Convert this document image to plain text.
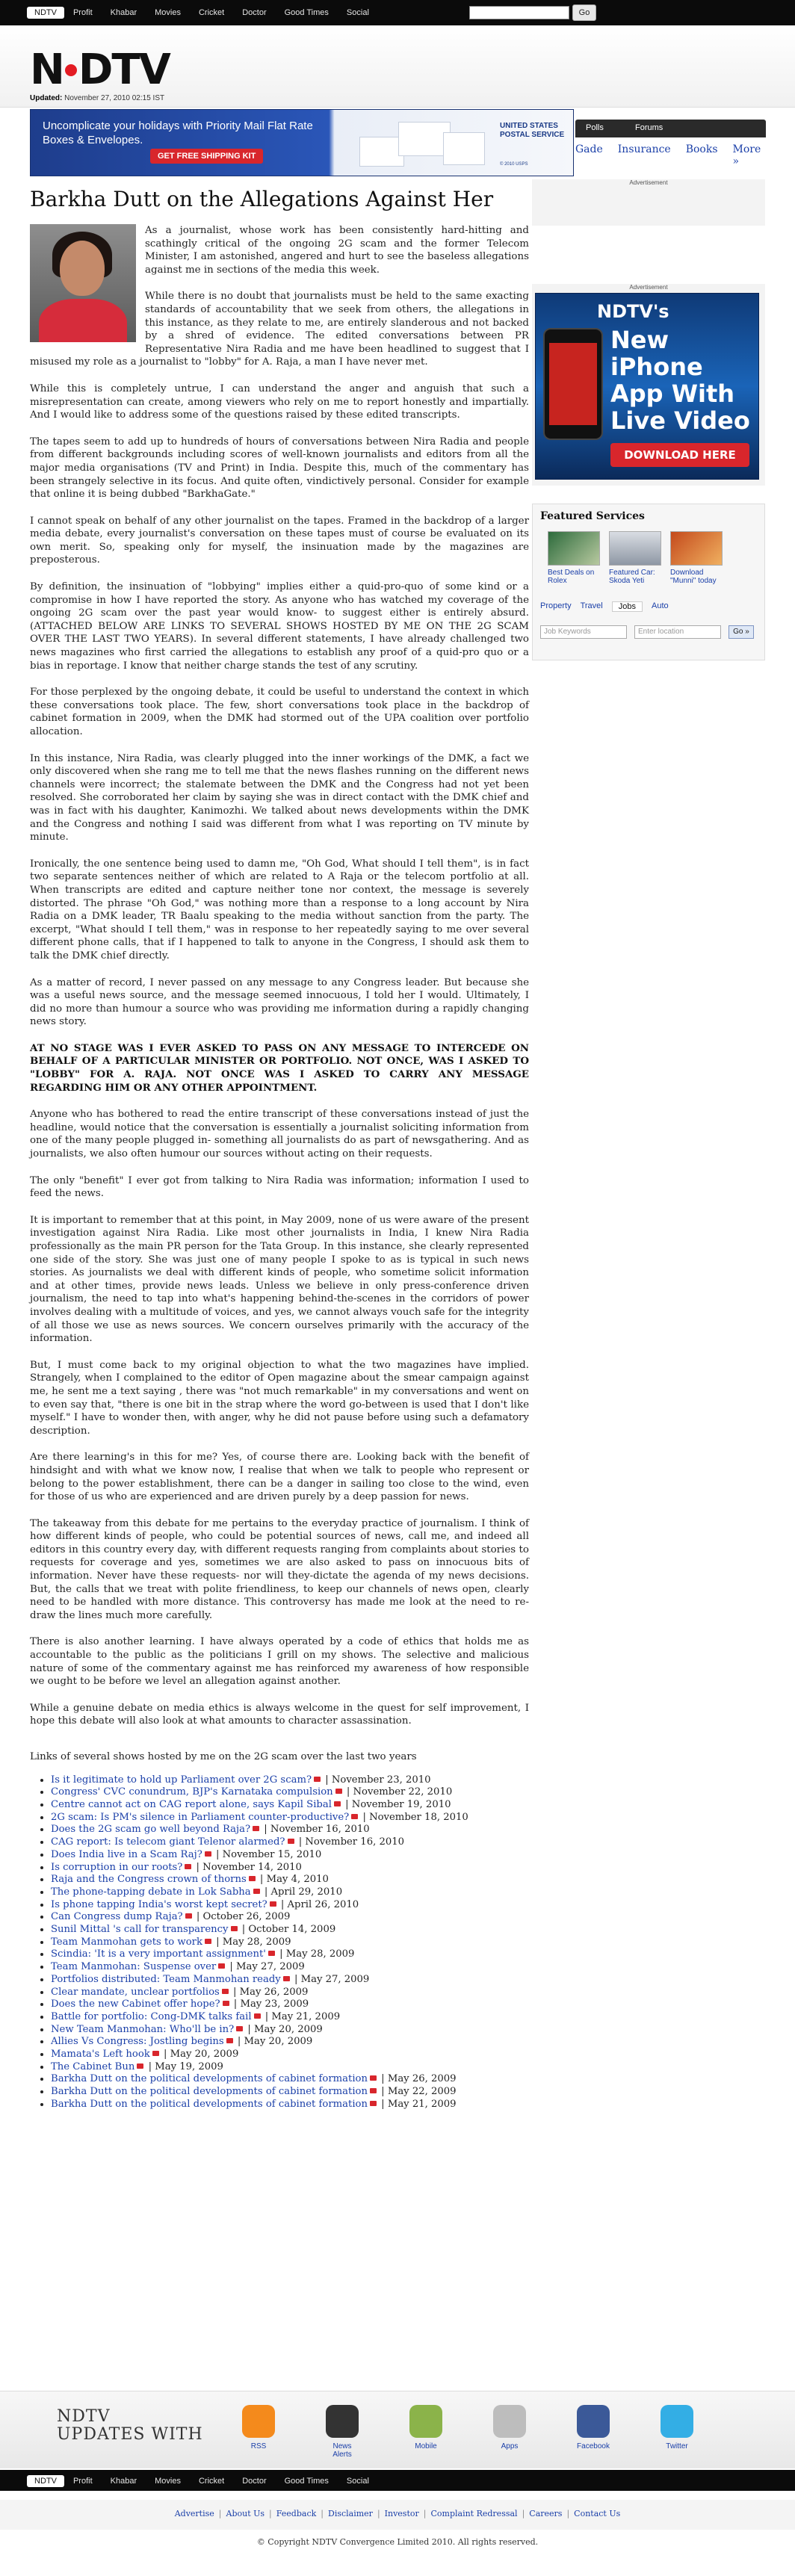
NDTV	Profit	Khabar	Movies	Cricket	Doctor	Good Times	Social	Go
N DTV
Updated: November 27, 2010 02:15 IST
Uncomplicate your holidays with Priority Mail Flat Rate
Boxes & Envelopes.
GET FREE SHIPPING KIT
UNITED STATES POSTAL SERVICE
© 2010 USPS
Polls	Forums
Gade Insurance Books More »
Barkha Dutt on the Allegations Against Her

As a journalist, whose work has been consistently hard-hitting and scathingly critical of the ongoing 2G scam and the former Telecom Minister, I am astonished, angered and hurt to see the baseless allegations against me in sections of the media this week.

While there is no doubt that journalists must be held to the same exacting standards of accountability that we seek from others, the allegations in this instance, as they relate to me, are entirely slanderous and not backed by a shred of evidence. The edited conversations between PR Representative Nira Radia and me have been headlined to suggest that I misused my role as a journalist to "lobby" for A. Raja, a man I have never met.

While this is completely untrue, I can understand the anger and anguish that such a misrepresentation can create, among viewers who rely on me to report honestly and impartially. And I would like to address some of the questions raised by these edited transcripts.

The tapes seem to add up to hundreds of hours of conversations between Nira Radia and people from different backgrounds including scores of well-known journalists and editors from all the major media organisations (TV and Print) in India. Despite this, much of the commentary has been strangely selective in its focus. And quite often, vindictively personal. Consider for example that online it is being dubbed "BarkhaGate."

I cannot speak on behalf of any other journalist on the tapes. Framed in the backdrop of a larger media debate, every journalist's conversation on these tapes must of course be evaluated on its own merit. So, speaking only for myself, the insinuation made by the magazines are preposterous.

By definition, the insinuation of "lobbying" implies either a quid-pro-quo of some kind or a compromise in how I have reported the story. As anyone who has watched my coverage of the ongoing 2G scam over the past year would know- to suggest either is entirely absurd. (ATTACHED BELOW ARE LINKS TO SEVERAL SHOWS HOSTED BY ME ON THE 2G SCAM OVER THE LAST TWO YEARS). In several different statements, I have already challenged two news magazines who first carried the allegations to establish any proof of a quid-pro quo or a bias in reportage. I know that neither charge stands the test of any scrutiny.

For those perplexed by the ongoing debate, it could be useful to understand the context in which these conversations took place. The few, short conversations took place in the backdrop of cabinet formation in 2009, when the DMK had stormed out of the UPA coalition over portfolio allocation.

In this instance, Nira Radia, was clearly plugged into the inner workings of the DMK, a fact we only discovered when she rang me to tell me that the news flashes running on the different news channels were incorrect; the stalemate between the DMK and the Congress had not yet been resolved. She corroborated her claim by saying she was in direct contact with the DMK chief and was in fact with his daughter, Kanimozhi. We talked about news developments within the DMK and the Congress and nothing I said was different from what I was reporting on TV minute by minute.

Ironically, the one sentence being used to damn me, "Oh God, What should I tell them", is in fact two separate sentences neither of which are related to A Raja or the telecom portfolio at all. When transcripts are edited and capture neither tone nor context, the message is severely distorted. The phrase "Oh God," was nothing more than a response to a long account by Nira Radia on a DMK leader, TR Baalu speaking to the media without sanction from the party. The excerpt, "What should I tell them," was in response to her repeatedly saying to me over several different phone calls, that if I happened to talk to anyone in the Congress, I should ask them to talk the DMK chief directly.

As a matter of record, I never passed on any message to any Congress leader. But because she was a useful news source, and the message seemed innocuous, I told her I would. Ultimately, I did no more than humour a source who was providing me information during a rapidly changing news story.

AT NO STAGE WAS I EVER ASKED TO PASS ON ANY MESSAGE TO INTERCEDE ON BEHALF OF A PARTICULAR MINISTER OR PORTFOLIO. NOT ONCE, WAS I ASKED TO "LOBBY" FOR A. RAJA. NOT ONCE WAS I ASKED TO CARRY ANY MESSAGE REGARDING HIM OR ANY OTHER APPOINTMENT.

Anyone who has bothered to read the entire transcript of these conversations instead of just the headline, would notice that the conversation is essentially a journalist soliciting information from one of the many people plugged in- something all journalists do as part of newsgathering. And as journalists, we also often humour our sources without acting on their requests.

The only "benefit" I ever got from talking to Nira Radia was information; information I used to feed the news.

It is important to remember that at this point, in May 2009, none of us were aware of the present investigation against Nira Radia. Like most other journalists in India, I knew Nira Radia professionally as the main PR person for the Tata Group. In this instance, she clearly represented one side of the story. She was just one of many people I spoke to as is typical in such news stories. As journalists we deal with different kinds of people, who sometime solicit information and at other times, provide news leads. Unless we believe in only press-conference driven journalism, the need to tap into what's happening behind-the-scenes in the corridors of power involves dealing with a multitude of voices, and yes, we cannot always vouch safe for the integrity of all those we use as news sources. We concern ourselves primarily with the accuracy of the information.

But, I must come back to my original objection to what the two magazines have implied. Strangely, when I complained to the editor of Open magazine about the smear campaign against me, he sent me a text saying , there was "not much remarkable" in my conversations and went on to even say that, "there is one bit in the strap where the word go-between is used that I don't like myself." I have to wonder then, with anger, why he did not pause before using such a defamatory description.

Are there learning's in this for me? Yes, of course there are. Looking back with the benefit of hindsight and with what we know now, I realise that when we talk to people who represent or belong to the power establishment, there can be a danger in sailing too close to the wind, even for those of us who are experienced and are driven purely by a deep passion for news.

The takeaway from this debate for me pertains to the everyday practice of journalism. I think of how different kinds of people, who could be potential sources of news, call me, and indeed all editors in this country every day, with different requests ranging from complaints about stories to requests for coverage and yes, sometimes we are also asked to pass on innocuous bits of information. Never have these requests- nor will they-dictate the agenda of my news decisions. But, the calls that we treat with polite friendliness, to keep our channels of news open, clearly need to be handled with more distance. This controversy has made me look at the need to re-draw the lines much more carefully.

There is also another learning. I have always operated by a code of ethics that holds me as accountable to the public as the politicians I grill on my shows. The selective and malicious nature of some of the commentary against me has reinforced my awareness of how responsible we ought to be before we level an allegation against another.

While a genuine debate on media ethics is always welcome in the quest for self improvement, I hope this debate will also look at what amounts to character assassination.

Links of several shows hosted by me on the 2G scam over the last two years

• Is it legitimate to hold up Parliament over 2G scam? | November 23, 2010
• Congress' CVC conundrum, BJP's Karnataka compulsion | November 22, 2010
• Centre cannot act on CAG report alone, says Kapil Sibal | November 19, 2010
• 2G scam: Is PM's silence in Parliament counter-productive? | November 18, 2010
• Does the 2G scam go well beyond Raja? | November 16, 2010
• CAG report: Is telecom giant Telenor alarmed? | November 16, 2010
• Does India live in a Scam Raj? | November 15, 2010
• Is corruption in our roots? | November 14, 2010
• Raja and the Congress crown of thorns | May 4, 2010
• The phone-tapping debate in Lok Sabha | April 29, 2010
• Is phone tapping India's worst kept secret? | April 26, 2010
• Can Congress dump Raja? | October 26, 2009
• Sunil Mittal 's call for transparency | October 14, 2009
• Team Manmohan gets to work | May 28, 2009
• Scindia: 'It is a very important assignment' | May 28, 2009
• Team Manmohan: Suspense over | May 27, 2009
• Portfolios distributed: Team Manmohan ready | May 27, 2009
• Clear mandate, unclear portfolios | May 26, 2009
• Does the new Cabinet offer hope? | May 23, 2009
• Battle for portfolio: Cong-DMK talks fail | May 21, 2009
• New Team Manmohan: Who'll be in? | May 20, 2009
• Allies Vs Congress: Jostling begins | May 20, 2009
• Mamata's Left hook | May 20, 2009
• The Cabinet Bun | May 19, 2009
• Barkha Dutt on the political developments of cabinet formation | May 26, 2009
• Barkha Dutt on the political developments of cabinet formation | May 22, 2009
• Barkha Dutt on the political developments of cabinet formation | May 21, 2009
Advertisement
Advertisement
NDTV's
New iPhone App With Live Video
DOWNLOAD HERE
Featured Services
Best Deals on Rolex
Featured Car: Skoda Yeti
Download "Munni" today
Property Travel	Jobs	Auto
Job Keywords	Enter location	Go »
NDTV
UPDATES WITH
RSS	News Alerts
Mobile	Apps	Facebook	Twitter
NDTV	Profit	Khabar	Movies	Cricket	Doctor	Good Times	Social
Advertise | About Us | Feedback | Disclaimer | Investor | Complaint Redressal | Careers | Contact Us
© Copyright NDTV Convergence Limited 2010. All rights reserved.
